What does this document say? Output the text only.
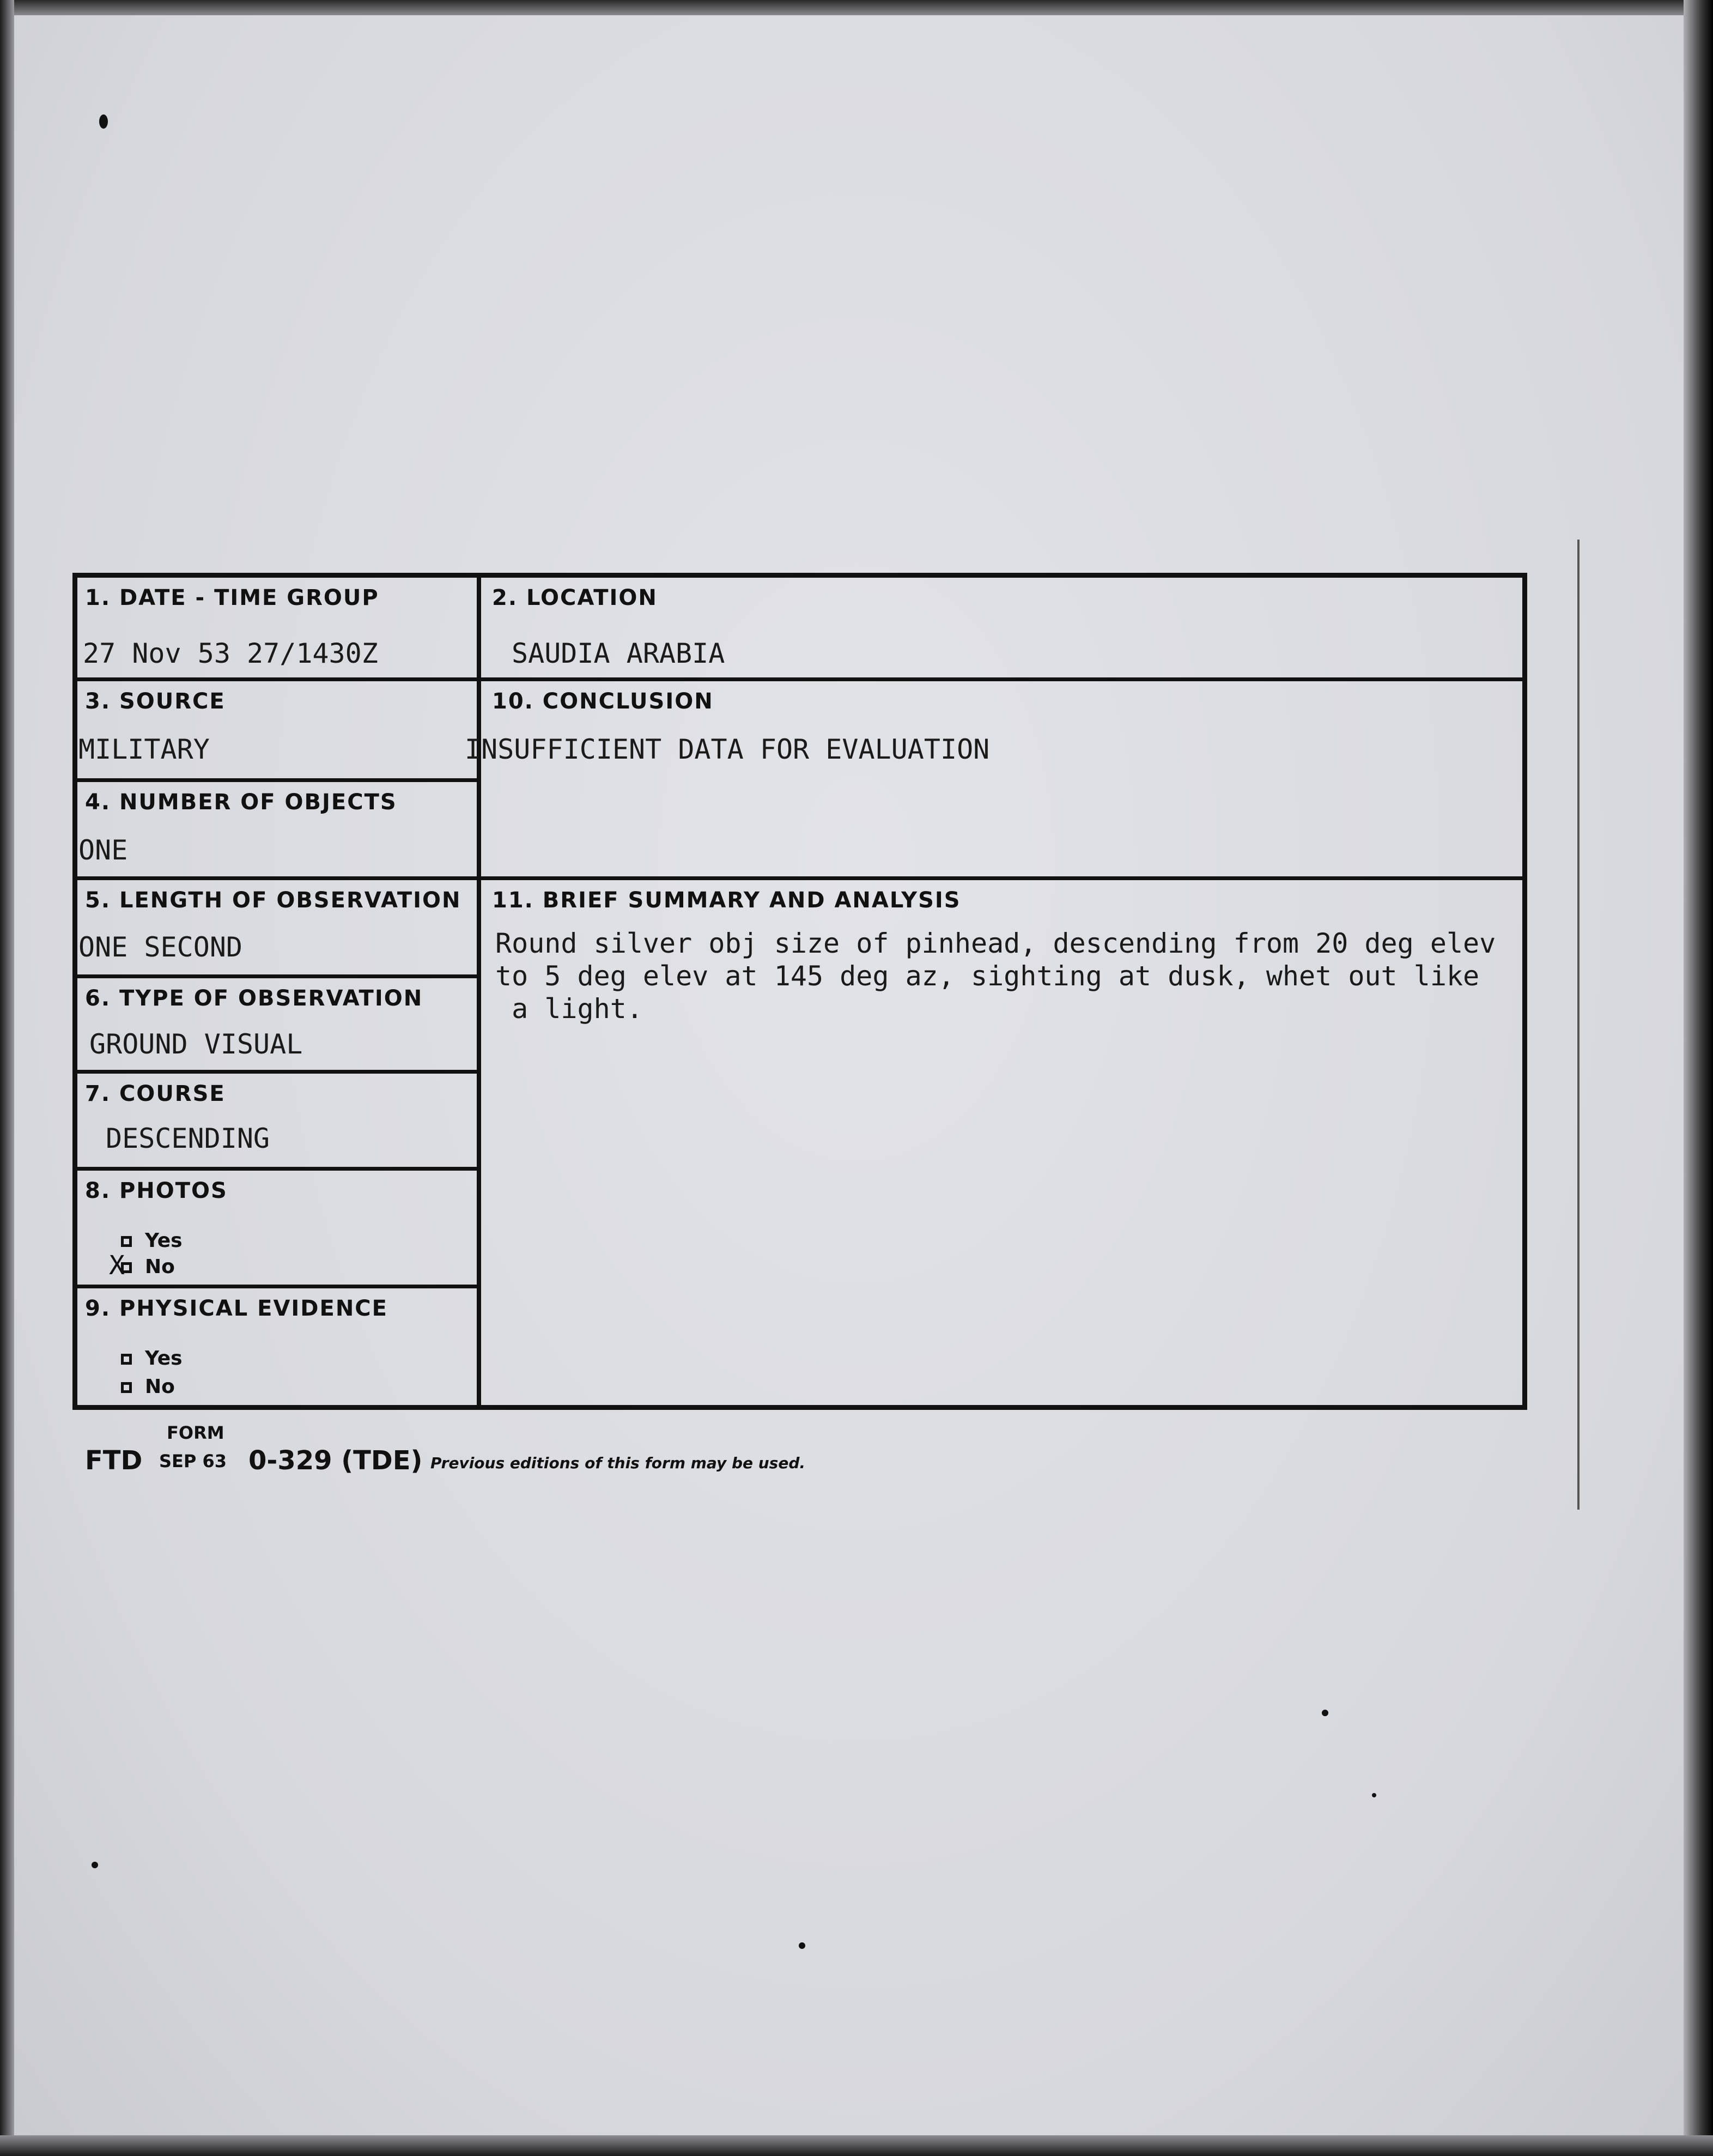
1. DATE - TIME GROUP
27 Nov 53 27/1430Z
3. SOURCE
MILITARY
4. NUMBER OF OBJECTS
ONE
5. LENGTH OF OBSERVATION
ONE SECOND
6. TYPE OF OBSERVATION
GROUND VISUAL
7. COURSE
DESCENDING
8. PHOTOS
Yes
X	No
9. PHYSICAL EVIDENCE
Yes
No
2. LOCATION
SAUDIA ARABIA
10. CONCLUSION
INSUFFICIENT DATA FOR EVALUATION
11. BRIEF SUMMARY AND ANALYSIS
Round silver obj size of pinhead, descending from 20 deg elev
to 5 deg elev at 145 deg az, sighting at dusk, whet out like
a light.
FORM
FTD SEP 63 0-329 (TDE) Previous editions of this form may be used.
